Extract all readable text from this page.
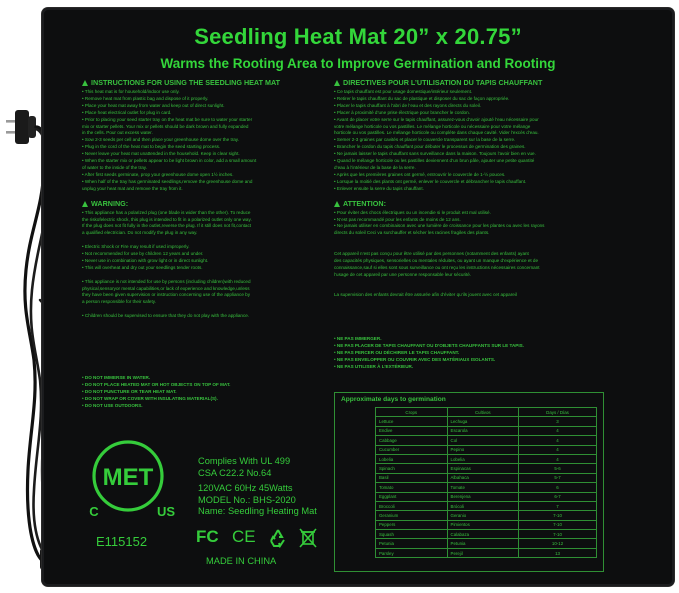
Seedling Heat Mat 20” x 20.75”
Warms the Rooting Area to Improve Germination and Rooting
INSTRUCTIONS FOR USING THE SEEDLING HEAT MAT
• This heat mat is for household/indoor use only.
• Remove heat mat from plastic bag and dispose of it properly.
• Place your heat mat away from water and keep out of direct sunlight.
• Place heat electrical outlet for plug in card.
• Prior to placing your seed starter tray on the heat mat be sure to water your starter
mix or starter pellets. Your mix or pellets should be dark brown and fully expanded
in the cells. Pour out excess water.
• Sow 2-3 seeds per cell and then place your greenhouse dome over the tray.
• Plug in the cord of the heat mat to begin the seed starting process.
• Never leave your heat mat unattended in the household. Keep in clear sight.
• When the starter mix or pellets appear to be light brown in color, add a small amount
of water to the inside of the tray.
• After first seeds germinate, prop your greenhouse dome open 1½ inches.
• When half of the tray has germinated seedlings,remove the greenhouse dome and
unplug your heat mat and remove the tray from it.
WARNING:
• This appliance has a polarized plug (one blade is wider than the other). To reduce
the riskofelectric shock, this plug is intended to fit in a polarized outlet only one way.
If the plug does not fit fully in the outlet,reverse the plug. If it still does not fit,contact
a qualified electrician. Do not modify the plug in any way.
• Electric Shock or Fire may result if used improperly.
• Not recommended for use by children 12 years and under.
• Never use in combination with grow light or in direct sunlight.
• This will overheat and dry out your seedlings tender roots.
• This appliance is not intended for use by persons (including children)with reduced
physical,sensoryor mental capabilities,or lack of experience and knowledge,unless
they have been given supervision or instruction concerning use of the appliance by
a person responsible for their safety.
• Children should be supervised to ensure that they do not play with the appliance.
• DO NOT IMMERSE IN WATER.
• DO NOT PLACE HEATED MAT OR HOT OBJECTS ON TOP OF MAT.
• DO NOT PUNCTURE OR TEAR HEAT MAT.
• DO NOT WRAP OR COVER WITH INSULATING MATERIAL(S).
• DO NOT USE OUTDOORS.
DIRECTIVES POUR L’UTILISATION DU TAPIS CHAUFFANT
• Ce tapis chauffant est pour usage domestique/intérieur seulement.
• Retirer le tapis chauffant du sac de plastique et disposer du sac de façon appropriée.
• Placer le tapis chauffant à l’abri de l’eau et des rayons directs du soleil.
• Placer à proximité d’une prise électrique pour brancher le cordon.
• Avant de placer votre serre sur le tapis chauffant, assurez-vous d’avoir ajouté l’eau nécessaire pour
votre mélange horticole ou vos pastilles. Le mélange horticole ou nécessaire pour votre mélange
horticole ou vos pastilles. Le mélange horticole ou complète dans chaque cavité. Vider l’excès d’eau.
• Semer 2-3 graines par cavités et placer le couvercle transparent sur la base de la serre.
• Brancher le cordon du tapis chauffant pour débuter le processus de germination des graines.
• Ne jamais laisser le tapis chauffant sans surveillance dans la maison. Toujours l’avoir bien en vue.
• Quand le mélange horticole ou les pastilles deviennent d’un brun pâle, ajouter une petite quantité
d’eau à l’intérieur de la base de la serre.
• Après que les premières graines ont germé, entrouvrir le couvercle de 1-½ pouces.
• Lorsque la moitié des plants ont germé, enlever le couvercle et débrancher le tapis chauffant.
• Enlever ensuite la serre du tapis chauffant.
ATTENTION:
• Pour éviter des chocs électriques ou un incendie si le produit est mal utilisé.
• N’est pas recommandé pour les enfants de moins de 12 ans.
• Ne jamais utiliser en combinaison avec une lumière de croissance pour les plantes ou avec les rayons
directs du soleil Ceci va surchauffer et sécher les racines fragiles des plants.
Cet appareil n’est pas conçu pour être utilisé par des personnes (notamment des enfants) ayant
des capacités physiques, sensorielles ou mentales réduites, ou ayant un manque d’expérience et de
connaissance,sauf si elles sont sous surveillance ou ont reçu les instructions nécessaires concernant
l’usage de cet appareil par une personne responsable leur sécurité.
La supervision des enfants devrait être assurée afin d’éviter qu’ils jouent avec cet appareil
• NE PAS IMMERGER.
• NE PAS PLACER DE TAPIS CHAUFFANT OU D’OBJETS CHAUFFANTS SUR LE TAPIS.
• NE PAS PERCER OU DÉCHIRER LE TAPIS CHAUFFANT.
• NE PAS ENVELOPPER OU COUVRIR AVEC DES MATÉRIAUX ISOLANTS.
• NE PAS UTILISER À L’EXTÉRIEUR.
Approximate days to germination
Crops	Cultivos	Days / Días
Lettuce	Lechuga	3
Endive	Escarola	4
Cabbage	Col	4
Cucumber	Pepino	4
Lobelia	Lobelia	4
Spinach	Espinacas	5-6
Basil	Albahaca	5-7
Tomato	Tomate	6
Eggplant	Berenjena	6-7
Broccoli	Brócoli	7
Geranium	Geranio	7-10
Peppers	Pimientos	7-10
Squash	Calabaza	7-10
Petunia	Petunia	10-12
Parsley	Perejil	13
MET
C	US
E115152
Complies With UL 499
CSA C22.2 No.64
120VAC 60Hz 45Watts
MODEL No.: BHS-2020
Name: Seedling Heating Mat
FC CE
MADE IN CHINA
